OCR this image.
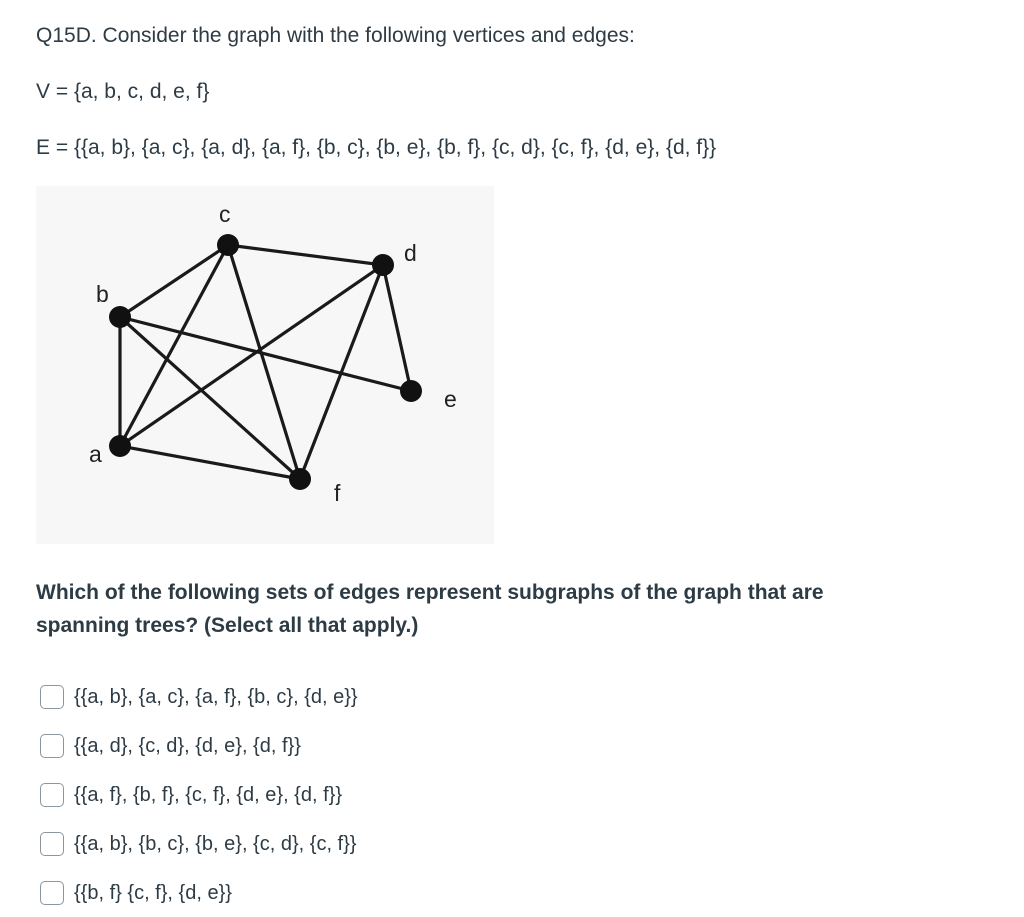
Q15D. Consider the graph with the following vertices and edges:
V = {a, b, c, d, e, f}
E = {{a, b}, {a, c}, {a, d}, {a, f}, {b, c}, {b, e}, {b, f}, {c, d}, {c, f}, {d, e}, {d, f}}
a
b
c
d
e
f
Which of the following sets of edges represent subgraphs of the graph that are spanning trees? (Select all that apply.)
{{a, b}, {a, c}, {a, f}, {b, c}, {d, e}}
{{a, d}, {c, d}, {d, e}, {d, f}}
{{a, f}, {b, f}, {c, f}, {d, e}, {d, f}}
{{a, b}, {b, c}, {b, e}, {c, d}, {c, f}}
{{b, f} {c, f}, {d, e}}
